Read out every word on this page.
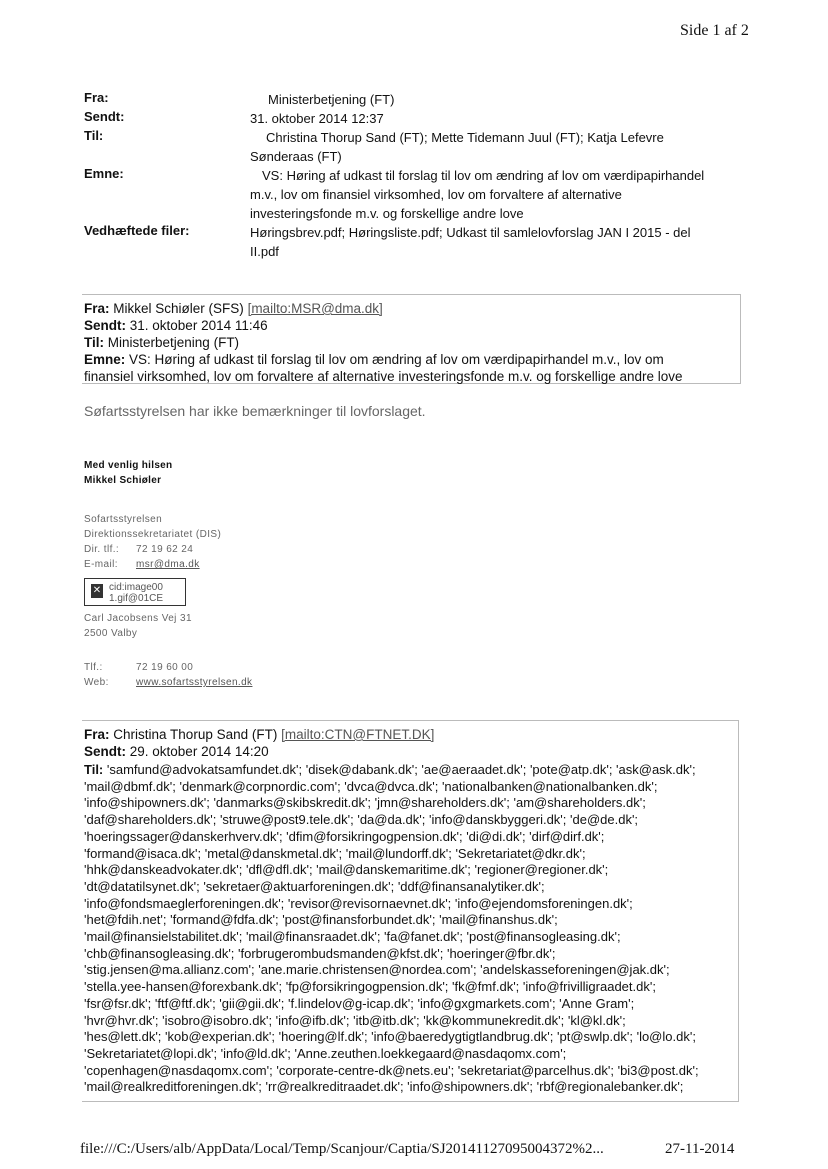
Side 1 af 2
Fra:	Ministerbetjening (FT)
Sendt:	31. oktober 2014 12:37
Til:	Christina Thorup Sand (FT); Mette Tidemann Juul (FT); Katja Lefevre
Sønderaas (FT)
Emne:	VS: Høring af udkast til forslag til lov om ændring af lov om værdipapirhandel
m.v., lov om finansiel virksomhed, lov om forvaltere af alternative
investeringsfonde m.v. og forskellige andre love
Vedhæftede filer:	Høringsbrev.pdf; Høringsliste.pdf; Udkast til samlelovforslag JAN I 2015 - del
II.pdf
Fra: Mikkel Schiøler (SFS) [mailto:MSR@dma.dk]
Sendt: 31. oktober 2014 11:46
Til: Ministerbetjening (FT)
Emne: VS: Høring af udkast til forslag til lov om ændring af lov om værdipapirhandel m.v., lov om
finansiel virksomhed, lov om forvaltere af alternative investeringsfonde m.v. og forskellige andre love
Søfartsstyrelsen har ikke bemærkninger til lovforslaget.
Med venlig hilsen
Mikkel Schiøler
Sofartsstyrelsen
Direktionssekretariatet (DIS)
Dir. tlf.: 72 19 62 24
E-mail: msr@dma.dk
✕ cid:image00
1.gif@01CE
Carl Jacobsens Vej 31
2500 Valby
Tlf.:	72 19 60 00
Web:	www.sofartsstyrelsen.dk
Fra: Christina Thorup Sand (FT) [mailto:CTN@FTNET.DK]
Sendt: 29. oktober 2014 14:20
Til: 'samfund@advokatsamfundet.dk'; 'disek@dabank.dk'; 'ae@aeraadet.dk'; 'pote@atp.dk'; 'ask@ask.dk';
'mail@dbmf.dk'; 'denmark@corpnordic.com'; 'dvca@dvca.dk'; 'nationalbanken@nationalbanken.dk';
'info@shipowners.dk'; 'danmarks@skibskredit.dk'; 'jmn@shareholders.dk'; 'am@shareholders.dk';
'daf@shareholders.dk'; 'struwe@post9.tele.dk'; 'da@da.dk'; 'info@danskbyggeri.dk'; 'de@de.dk';
'hoeringssager@danskerhverv.dk'; 'dfim@forsikringogpension.dk'; 'di@di.dk'; 'dirf@dirf.dk';
'formand@isaca.dk'; 'metal@danskmetal.dk'; 'mail@lundorff.dk'; 'Sekretariatet@dkr.dk';
'hhk@danskeadvokater.dk'; 'dfl@dfl.dk'; 'mail@danskemaritime.dk'; 'regioner@regioner.dk';
'dt@datatilsynet.dk'; 'sekretaer@aktuarforeningen.dk'; 'ddf@finansanalytiker.dk';
'info@fondsmaeglerforeningen.dk'; 'revisor@revisornaevnet.dk'; 'info@ejendomsforeningen.dk';
'het@fdih.net'; 'formand@fdfa.dk'; 'post@finansforbundet.dk'; 'mail@finanshus.dk';
'mail@finansielstabilitet.dk'; 'mail@finansraadet.dk'; 'fa@fanet.dk'; 'post@finansogleasing.dk';
'chb@finansogleasing.dk'; 'forbrugerombudsmanden@kfst.dk'; 'hoeringer@fbr.dk';
'stig.jensen@ma.allianz.com'; 'ane.marie.christensen@nordea.com'; 'andelskasseforeningen@jak.dk';
'stella.yee-hansen@forexbank.dk'; 'fp@forsikringogpension.dk'; 'fk@fmf.dk'; 'info@frivilligraadet.dk';
'fsr@fsr.dk'; 'ftf@ftf.dk'; 'gii@gii.dk'; 'f.lindelov@g-icap.dk'; 'info@gxgmarkets.com'; 'Anne Gram';
'hvr@hvr.dk'; 'isobro@isobro.dk'; 'info@ifb.dk'; 'itb@itb.dk'; 'kk@kommunekredit.dk'; 'kl@kl.dk';
'hes@lett.dk'; 'kob@experian.dk'; 'hoering@lf.dk'; 'info@baeredygtigtlandbrug.dk'; 'pt@swlp.dk'; 'lo@lo.dk';
'Sekretariatet@lopi.dk'; 'info@ld.dk'; 'Anne.zeuthen.loekkegaard@nasdaqomx.com';
'copenhagen@nasdaqomx.com'; 'corporate-centre-dk@nets.eu'; 'sekretariat@parcelhus.dk'; 'bi3@post.dk';
'mail@realkreditforeningen.dk'; 'rr@realkreditraadet.dk'; 'info@shipowners.dk'; 'rbf@regionalebanker.dk';
file:///C:/Users/alb/AppData/Local/Temp/Scanjour/Captia/SJ20141127095004372%2...	27-11-2014
